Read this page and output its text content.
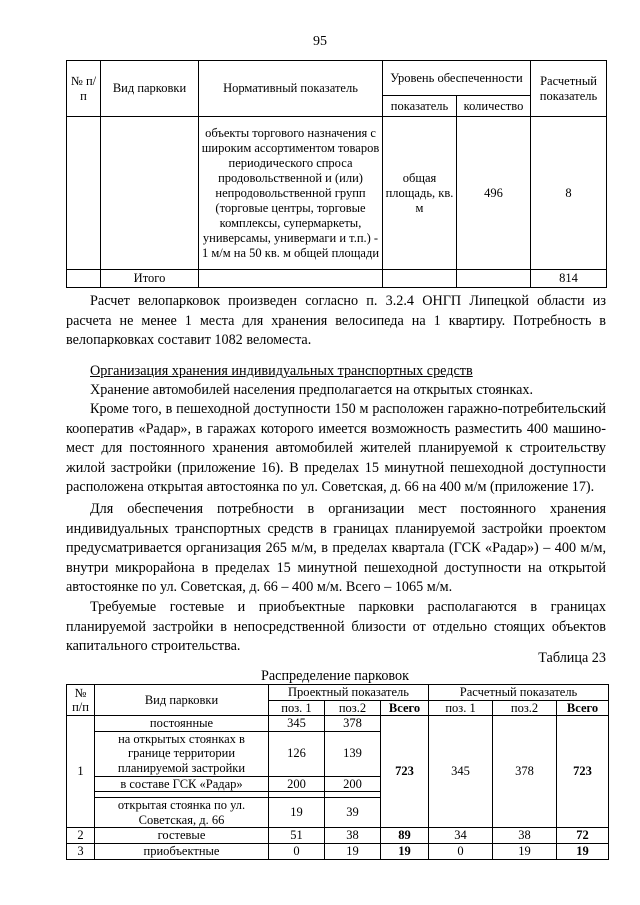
95
№ п/п	Вид парковки	Нормативный показатель	Уровень обеспеченности		Расчетный показатель
			показатель	количество	
		объекты торгового назначения с широким ассортиментом товаров периодического спроса продовольственной и (или) непродовольственной групп (торговые центры, торговые комплексы, супермаркеты, универсамы, универмаги и т.п.) - 1 м/м на 50 кв. м общей площади	общая площадь, кв. м	496	8
	Итого				814

Расчет велопарковок произведен согласно п. 3.2.4 ОНГП Липецкой области из расчета не менее 1 места для хранения велосипеда на 1 квартиру. Потребность в велопарковках составит 1082 веломеста.

Организация хранения индивидуальных транспортных средств

Хранение автомобилей населения предполагается на открытых стоянках.

Кроме того, в пешеходной доступности 150 м расположен гаражно-потребительский кооператив «Радар», в гаражах которого имеется возможность разместить 400 машино-мест для постоянного хранения автомобилей жителей планируемой к строительству жилой застройки (приложение 16). В пределах 15 минутной пешеходной доступности расположена открытая автостоянка по ул. Советская, д. 66 на 400 м/м (приложение 17).

Для обеспечения потребности в организации мест постоянного хранения индивидуальных транспортных средств в границах планируемой застройки проектом предусматривается организация 265 м/м, в пределах квартала (ГСК «Радар») – 400 м/м, внутри микрорайона в пределах 15 минутной пешеходной доступности на открытой автостоянке по ул. Советская, д. 66 – 400 м/м. Всего – 1065 м/м.

Требуемые гостевые и приобъектные парковки располагаются в границах планируемой застройки в непосредственной близости от отдельно стоящих объектов капитального строительства.

Таблица 23
Распределение парковок
№ п/п	Вид парковки	Проектный показатель			Расчетный показатель		
		поз. 1	поз.2	Всего	поз. 1	поз.2	Всего
1	постоянные	345	378	723	345	378	723
	на открытых стоянках в границе территории планируемой застройки	126	139				
	в составе ГСК «Радар»	200	200				

	открытая стоянка по ул. Советская, д. 66	19	39				
2	гостевые	51	38	89	34	38	72
3	приобъектные	0	19	19	0	19	19
